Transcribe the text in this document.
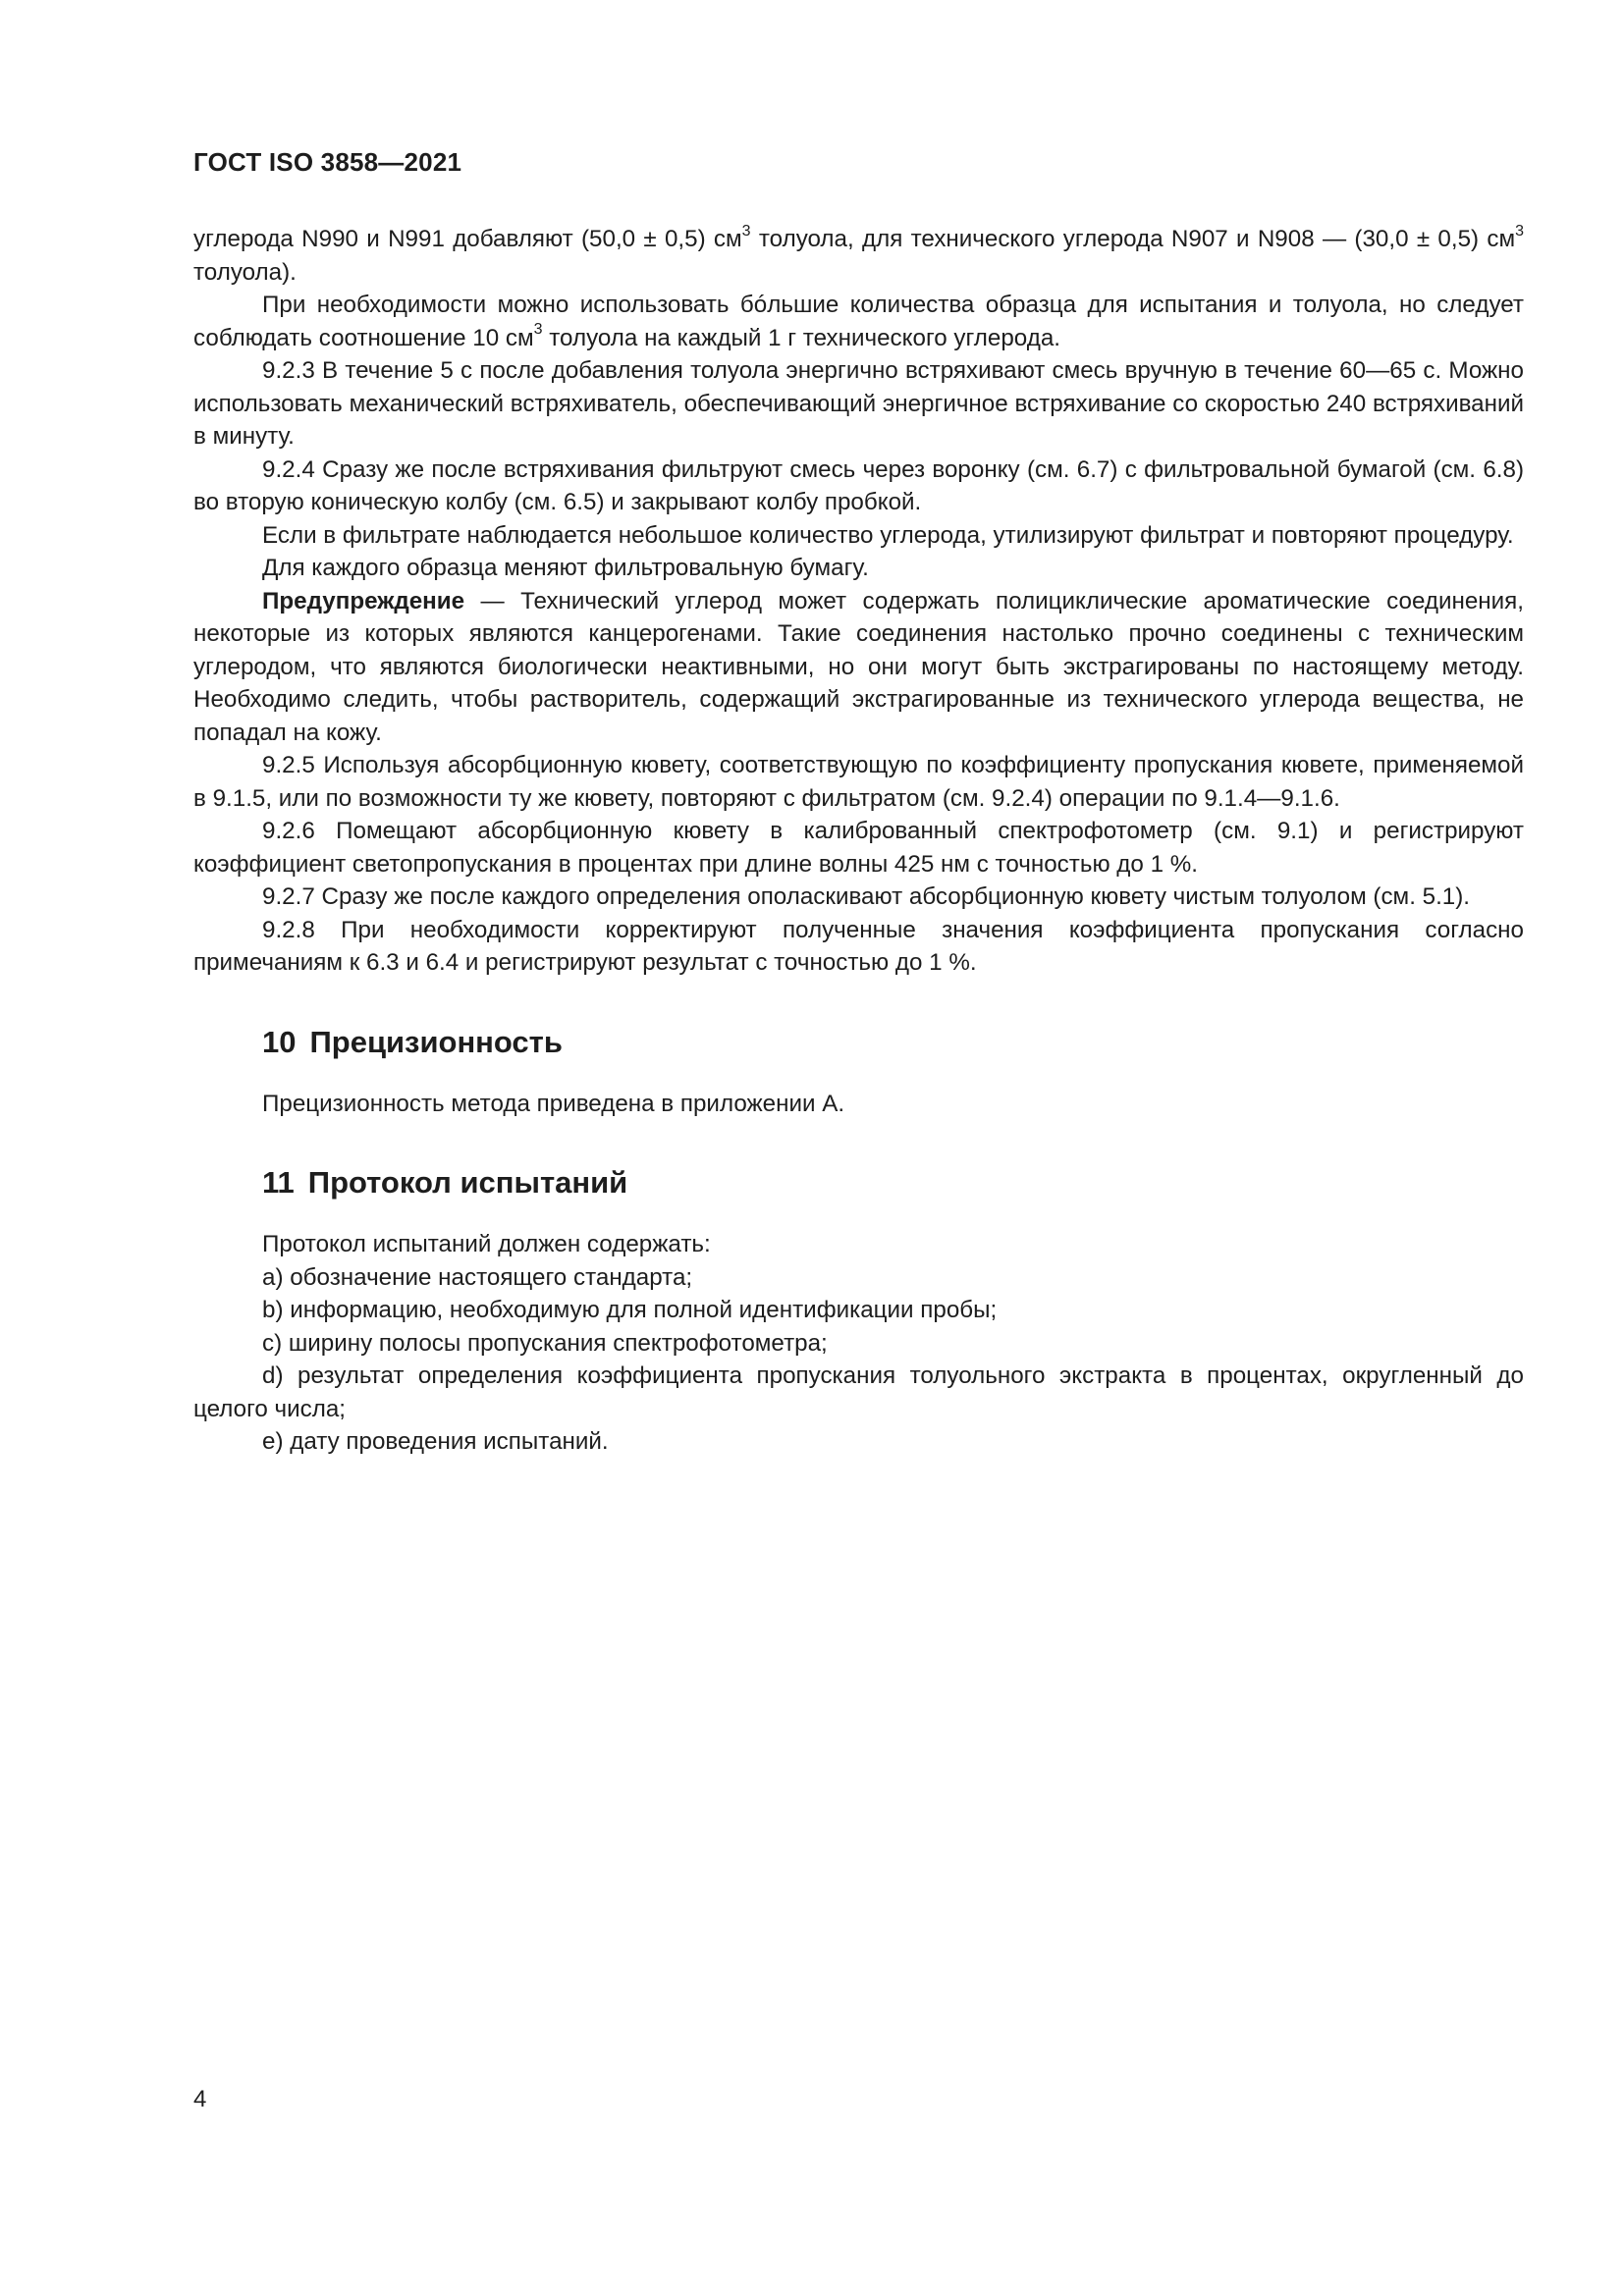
ГОСТ ISO 3858—2021

углерода N990 и N991 добавляют (50,0 ± 0,5) $см^3$ толуола, для технического углерода N907 и N908 — (30,0 ± 0,5) $см^3$ толуола).

При необходимости можно использовать бóльшие количества образца для испытания и толуола, но следует соблюдать соотношение 10 $см^3$ толуола на каждый 1 г технического углерода.

9.2.3 В течение 5 с после добавления толуола энергично встряхивают смесь вручную в течение 60—65 с. Можно использовать механический встряхиватель, обеспечивающий энергичное встряхивание со скоростью 240 встряхиваний в минуту.

9.2.4 Сразу же после встряхивания фильтруют смесь через воронку (см. 6.7) с фильтровальной бумагой (см. 6.8) во вторую коническую колбу (см. 6.5) и закрывают колбу пробкой.

Если в фильтрате наблюдается небольшое количество углерода, утилизируют фильтрат и повторяют процедуру.

Для каждого образца меняют фильтровальную бумагу.

Предупреждение — Технический углерод может содержать полициклические ароматические соединения, некоторые из которых являются канцерогенами. Такие соединения настолько прочно соединены с техническим углеродом, что являются биологически неактивными, но они могут быть экстрагированы по настоящему методу. Необходимо следить, чтобы растворитель, содержащий экстрагированные из технического углерода вещества, не попадал на кожу.

9.2.5 Используя абсорбционную кювету, соответствующую по коэффициенту пропускания кювете, применяемой в 9.1.5, или по возможности ту же кювету, повторяют с фильтратом (см. 9.2.4) операции по 9.1.4—9.1.6.

9.2.6 Помещают абсорбционную кювету в калиброванный спектрофотометр (см. 9.1) и регистрируют коэффициент светопропускания в процентах при длине волны 425 нм с точностью до 1 %.

9.2.7 Сразу же после каждого определения ополаскивают абсорбционную кювету чистым толуолом (см. 5.1).

9.2.8 При необходимости корректируют полученные значения коэффициента пропускания согласно примечаниям к 6.3 и 6.4 и регистрируют результат с точностью до 1 %.

10 Прецизионность

Прецизионность метода приведена в приложении А.

11 Протокол испытаний

Протокол испытаний должен содержать:

a) обозначение настоящего стандарта;

b) информацию, необходимую для полной идентификации пробы;

c) ширину полосы пропускания спектрофотометра;

d) результат определения коэффициента пропускания толуольного экстракта в процентах, округленный до целого числа;

e) дату проведения испытаний.

4
